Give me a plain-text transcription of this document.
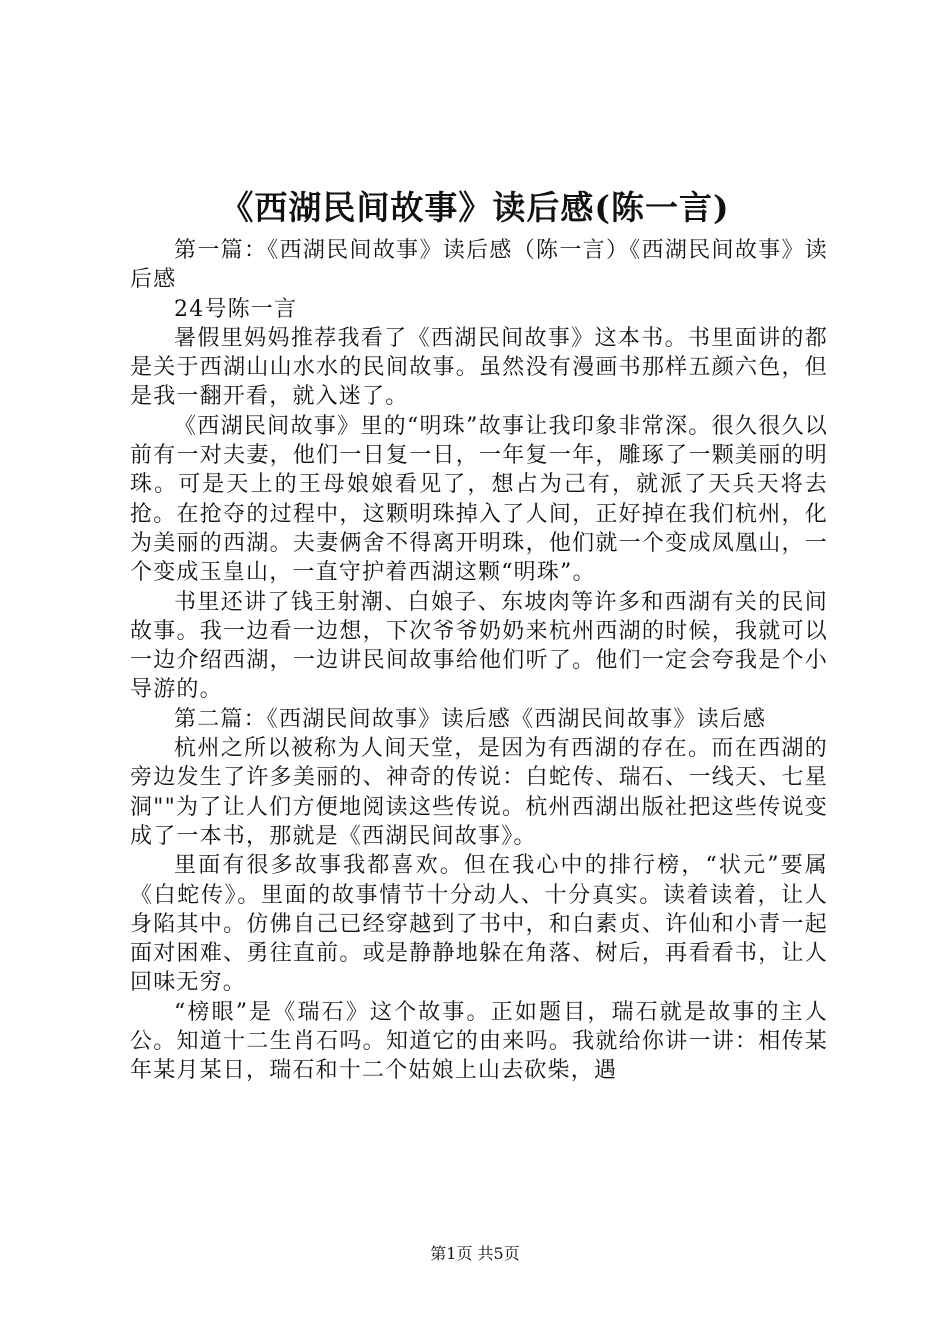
《西湖民间故事》读后感(陈一言)

第一篇：《西湖民间故事》读后感（陈一言）《西湖民间故事》读后感

24号陈一言

暑假里妈妈推荐我看了《西湖民间故事》这本书。书里面讲的都是关于西湖山山水水的民间故事。虽然没有漫画书那样五颜六色，但是我一翻开看，就入迷了。

《西湖民间故事》里的“明珠”故事让我印象非常深。很久很久以前有一对夫妻，他们一日复一日，一年复一年，雕琢了一颗美丽的明珠。可是天上的王母娘娘看见了，想占为己有，就派了天兵天将去抢。在抢夺的过程中，这颗明珠掉入了人间，正好掉在我们杭州，化为美丽的西湖。夫妻俩舍不得离开明珠，他们就一个变成凤凰山，一个变成玉皇山，一直守护着西湖这颗“明珠”。

书里还讲了钱王射潮、白娘子、东坡肉等许多和西湖有关的民间故事。我一边看一边想，下次爷爷奶奶来杭州西湖的时候，我就可以一边介绍西湖，一边讲民间故事给他们听了。他们一定会夸我是个小导游的。

第二篇：《西湖民间故事》读后感《西湖民间故事》读后感

杭州之所以被称为人间天堂，是因为有西湖的存在。而在西湖的旁边发生了许多美丽的、神奇的传说：白蛇传、瑞石、一线天、七星洞""为了让人们方便地阅读这些传说。杭州西湖出版社把这些传说变成了一本书，那就是《西湖民间故事》。

里面有很多故事我都喜欢。但在我心中的排行榜，“状元”要属《白蛇传》。里面的故事情节十分动人、十分真实。读着读着，让人身陷其中。仿佛自己已经穿越到了书中，和白素贞、许仙和小青一起面对困难、勇往直前。或是静静地躲在角落、树后，再看看书，让人回味无穷。

“榜眼”是《瑞石》这个故事。正如题目，瑞石就是故事的主人公。知道十二生肖石吗。知道它的由来吗。我就给你讲一讲：相传某年某月某日，瑞石和十二个姑娘上山去砍柴，遇

第1页 共5页
